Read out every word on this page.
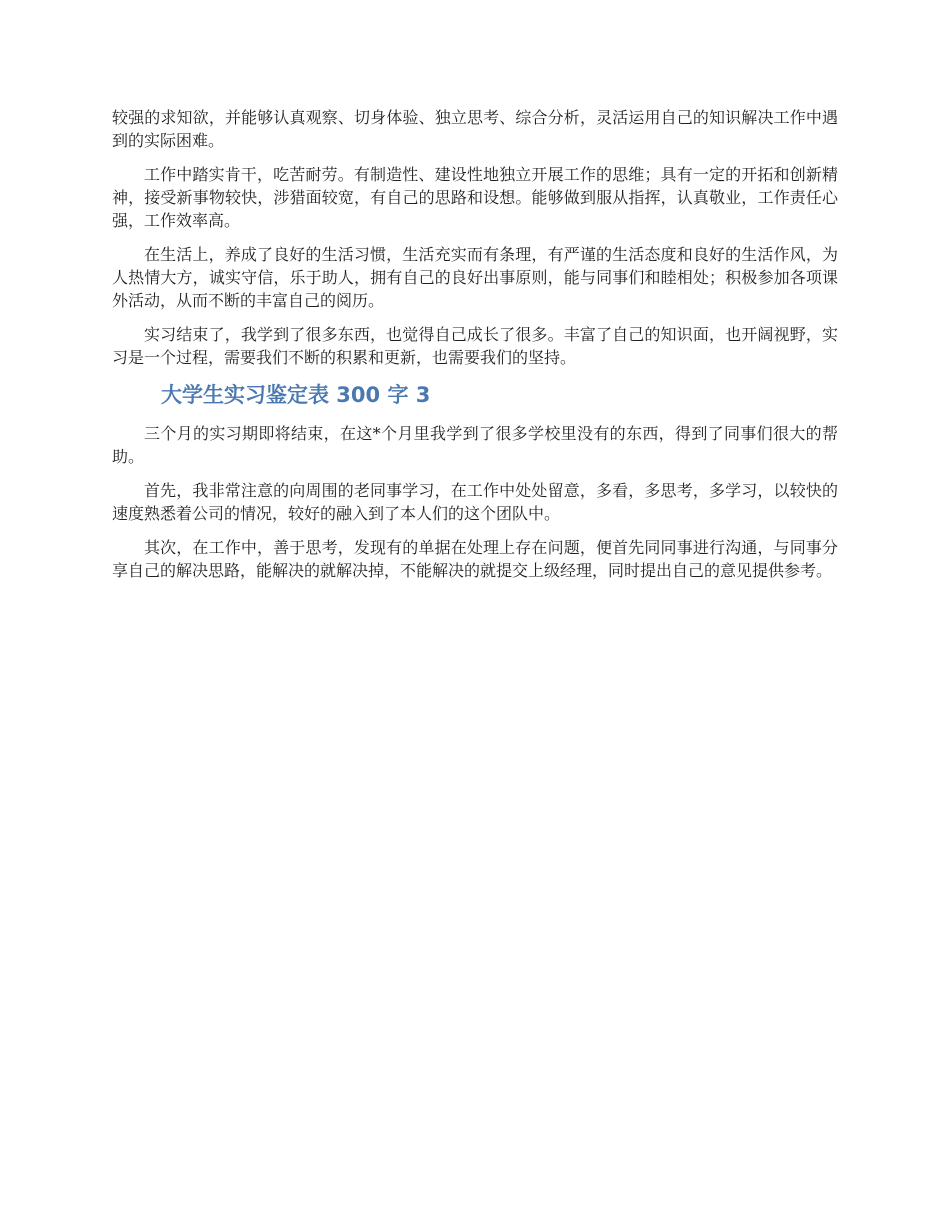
较强的求知欲，并能够认真观察、切身体验、独立思考、综合分析，灵活运用自己的知识解决工作中遇到的实际困难。

工作中踏实肯干，吃苦耐劳。有制造性、建设性地独立开展工作的思维；具有一定的开拓和创新精神，接受新事物较快，涉猎面较宽，有自己的思路和设想。能够做到服从指挥，认真敬业，工作责任心强，工作效率高。

在生活上，养成了良好的生活习惯，生活充实而有条理，有严谨的生活态度和良好的生活作风，为人热情大方，诚实守信，乐于助人，拥有自己的良好出事原则，能与同事们和睦相处；积极参加各项课外活动，从而不断的丰富自己的阅历。

实习结束了，我学到了很多东西，也觉得自己成长了很多。丰富了自己的知识面，也开阔视野，实习是一个过程，需要我们不断的积累和更新，也需要我们的坚持。

大学生实习鉴定表 300 字 3

三个月的实习期即将结束，在这*个月里我学到了很多学校里没有的东西，得到了同事们很大的帮助。

首先，我非常注意的向周围的老同事学习，在工作中处处留意，多看，多思考，多学习，以较快的速度熟悉着公司的情况，较好的融入到了本人们的这个团队中。

其次，在工作中，善于思考，发现有的单据在处理上存在问题，便首先同同事进行沟通，与同事分享自己的解决思路，能解决的就解决掉，不能解决的就提交上级经理，同时提出自己的意见提供参考。
